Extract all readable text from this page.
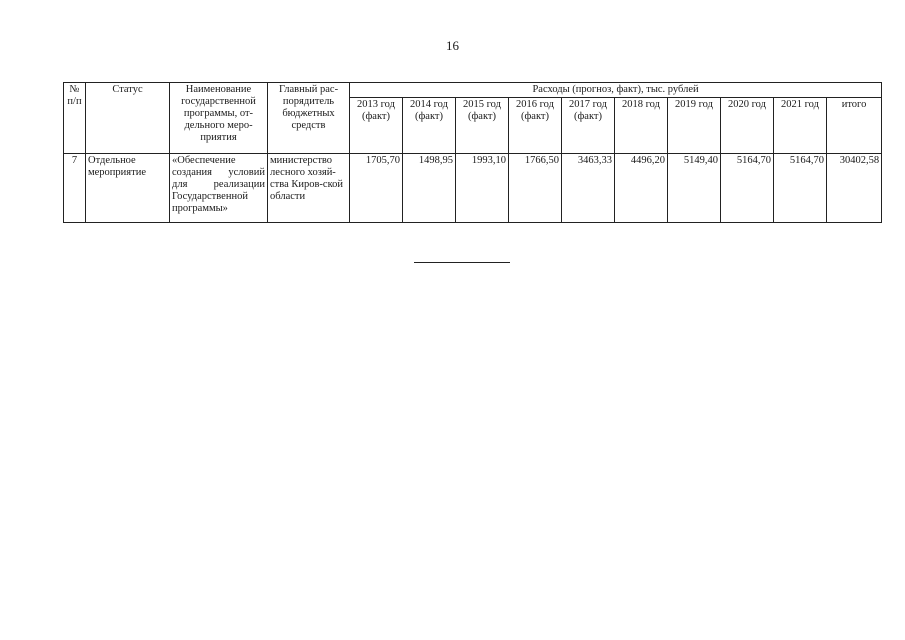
16
№ п/п	Статус	Наименование государственной программы, от-дельного меро-приятия	Главный рас-порядитель бюджетных средств	Расходы (прогноз, факт), тыс. рублей									
				2013 год (факт)	2014 год (факт)	2015 год (факт)	2016 год (факт)	2017 год (факт)	2018 год	2019 год	2020 год	2021 год	итого
7	Отдельное мероприятие	«Обеспечение создания условий для реализации Государственной программы»	министерство лесного хозяй-ства Киров-ской области	1705,70	1498,95	1993,10	1766,50	3463,33	4496,20	5149,40	5164,70	5164,70	30402,58
